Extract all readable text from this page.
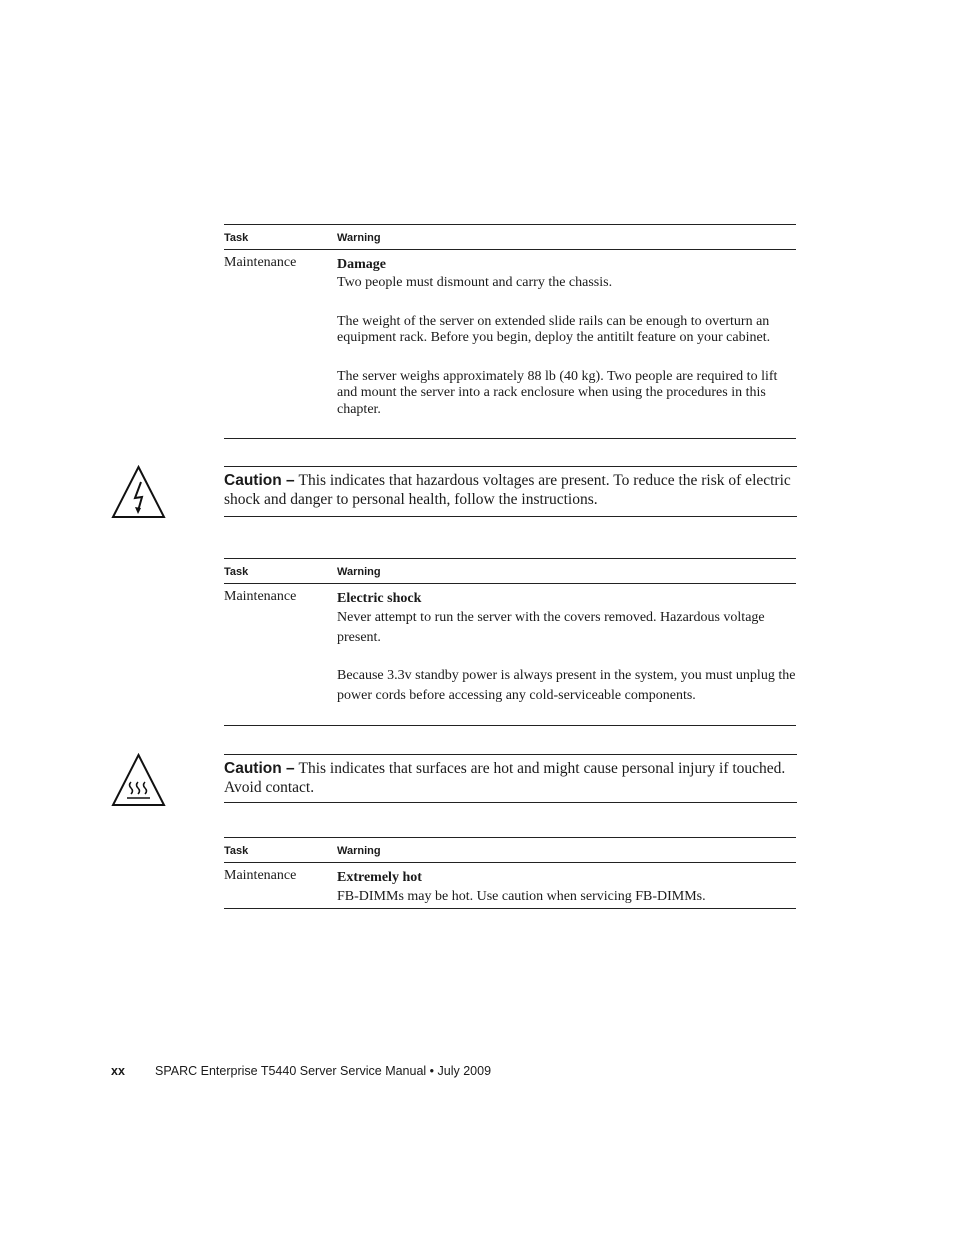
Task	Warning
Maintenance	Damage

Two people must dismount and carry the chassis.

The weight of the server on extended slide rails can be enough to overturn an equipment rack. Before you begin, deploy the antitilt feature on your cabinet.

The server weighs approximately 88 lb (40 kg). Two people are required to lift and mount the server into a rack enclosure when using the procedures in this chapter.

Caution – This indicates that hazardous voltages are present. To reduce the risk of electric shock and danger to personal health, follow the instructions.
Task	Warning
Maintenance	Electric shock

Never attempt to run the server with the covers removed. Hazardous voltage present.

Because 3.3v standby power is always present in the system, you must unplug the power cords before accessing any cold-serviceable components.

Caution – This indicates that surfaces are hot and might cause personal injury if touched. Avoid contact.
Task	Warning
Maintenance	Extremely hot

FB-DIMMs may be hot. Use caution when servicing FB-DIMMs.

xx SPARC Enterprise T5440 Server Service Manual • July 2009
